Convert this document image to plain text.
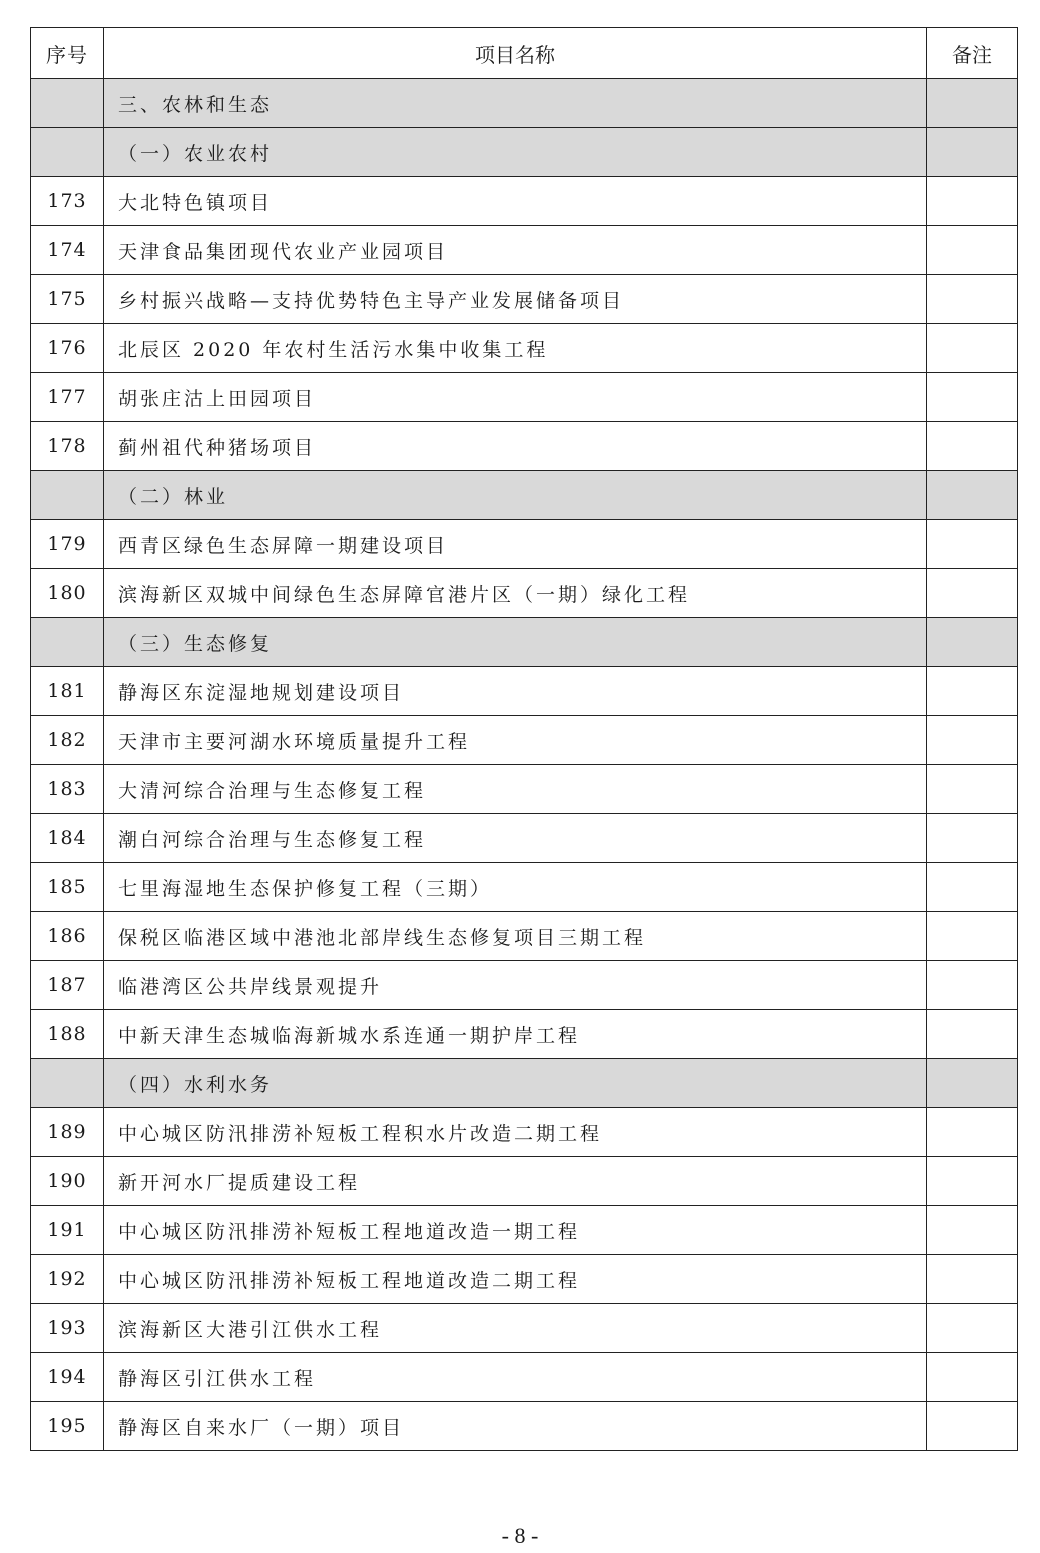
序号	项目名称	备注
	三、农林和生态	
	（一）农业农村	
173	大北特色镇项目	
174	天津食品集团现代农业产业园项目	
175	乡村振兴战略—支持优势特色主导产业发展储备项目	
176	北辰区 2020 年农村生活污水集中收集工程	
177	胡张庄沽上田园项目	
178	蓟州祖代种猪场项目	
	（二）林业	
179	西青区绿色生态屏障一期建设项目	
180	滨海新区双城中间绿色生态屏障官港片区（一期）绿化工程	
	（三）生态修复	
181	静海区东淀湿地规划建设项目	
182	天津市主要河湖水环境质量提升工程	
183	大清河综合治理与生态修复工程	
184	潮白河综合治理与生态修复工程	
185	七里海湿地生态保护修复工程（三期）	
186	保税区临港区域中港池北部岸线生态修复项目三期工程	
187	临港湾区公共岸线景观提升	
188	中新天津生态城临海新城水系连通一期护岸工程	
	（四）水利水务	
189	中心城区防汛排涝补短板工程积水片改造二期工程	
190	新开河水厂提质建设工程	
191	中心城区防汛排涝补短板工程地道改造一期工程	
192	中心城区防汛排涝补短板工程地道改造二期工程	
193	滨海新区大港引江供水工程	
194	静海区引江供水工程	
195	静海区自来水厂（一期）项目	
- 8 -
